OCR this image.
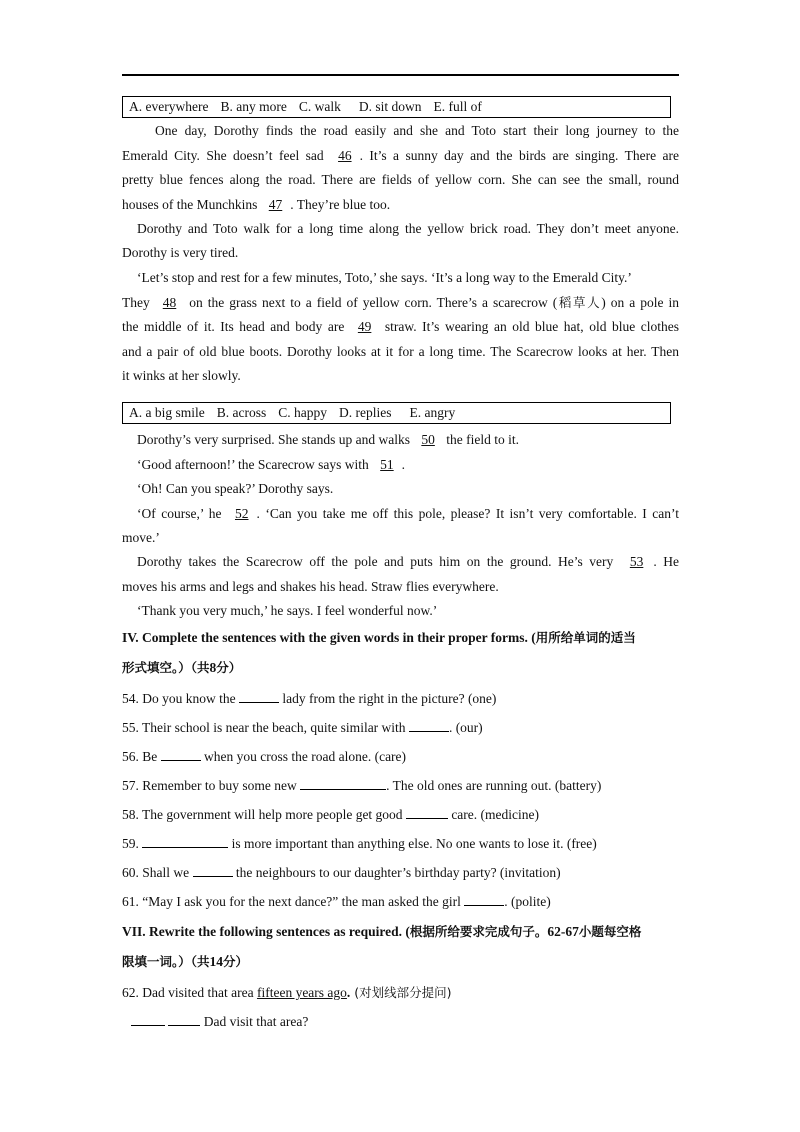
A. everywhere B. any more C. walk D. sit down E. full of
One day, Dorothy finds the road easily and she and Toto start their long journey to the
Emerald City. She doesn’t feel sad 46 . It’s a sunny day and the birds are singing. There are
pretty blue fences along the road. There are fields of yellow corn. She can see the small, round
houses of the Munchkins 47 . They’re blue too.
Dorothy and Toto walk for a long time along the yellow brick road. They don’t meet anyone.
Dorothy is very tired.
‘Let’s stop and rest for a few minutes, Toto,’ she says. ‘It’s a long way to the Emerald City.’
They 48 on the grass next to a field of yellow corn. There’s a scarecrow (稻草人) on a pole in
the middle of it. Its head and body are 49 straw. It’s wearing an old blue hat, old blue clothes
and a pair of old blue boots. Dorothy looks at it for a long time. The Scarecrow looks at her. Then
it winks at her slowly.
A. a big smile B. across C. happy D. replies E. angry
Dorothy’s very surprised. She stands up and walks 50 the field to it.
‘Good afternoon!’ the Scarecrow says with 51 .
‘Oh! Can you speak?’ Dorothy says.
‘Of course,’ he 52 . ‘Can you take me off this pole, please? It isn’t very comfortable. I can’t
move.’
Dorothy takes the Scarecrow off the pole and puts him on the ground. He’s very 53 . He
moves his arms and legs and shakes his head. Straw flies everywhere.
‘Thank you very much,’ he says. I feel wonderful now.’
IV. Complete the sentences with the given words in their proper forms. (用所给单词的适当
形式填空。）（共8分）
54. Do you know the	lady from the right in the picture? (one)
55. Their school is near the beach, quite similar with	. (our)
56. Be	when you cross the road alone. (care)
57. Remember to buy some new	. The old ones are running out. (battery)
58. The government will help more people get good	care. (medicine)
59.	is more important than anything else. No one wants to lose it. (free)
60. Shall we	the neighbours to our daughter’s birthday party? (invitation)
61. “May I ask you for the next dance?” the man asked the girl	. (polite)
VII. Rewrite the following sentences as required. (根据所给要求完成句子。62-67小题每空格
限填一词。）（共14分）
62. Dad visited that area fifteen years ago. (对划线部分提问)
Dad visit that area?
